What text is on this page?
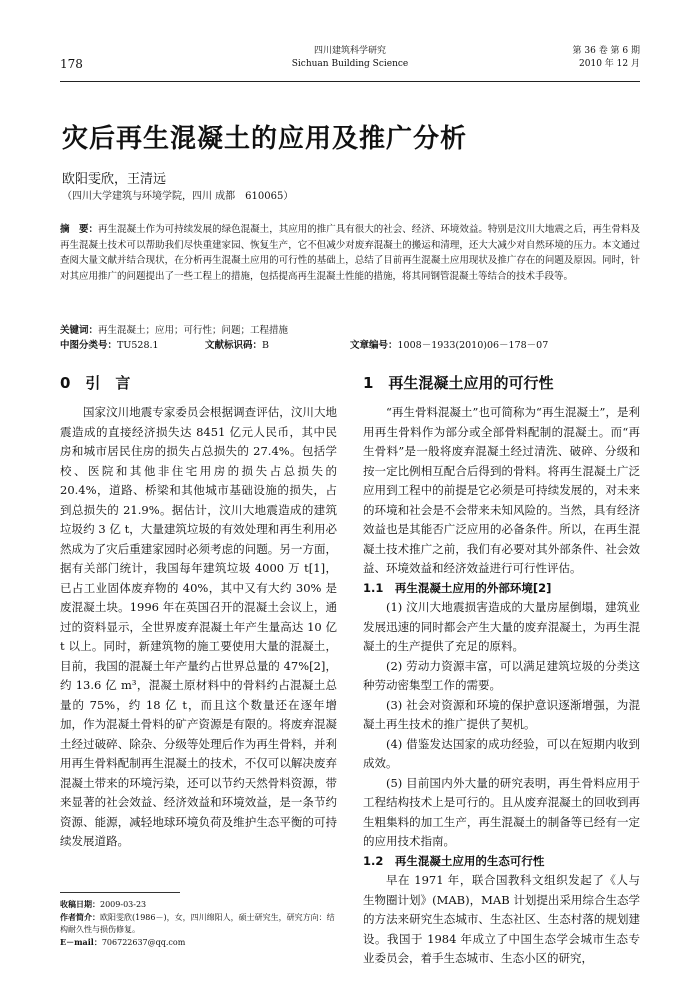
178
四川建筑科学研究
Sichuan Building Science
第 36 卷 第 6 期
2010 年 12 月
灾后再生混凝土的应用及推广分析
欧阳雯欣，王清远
（四川大学建筑与环境学院，四川 成都　610065）
摘　要：再生混凝土作为可持续发展的绿色混凝土，其应用的推广具有很大的社会、经济、环境效益。特别是汶川大地震之后，再生骨料及再生混凝土技术可以帮助我们尽快重建家园、恢复生产，它不但减少对废弃混凝土的搬运和清理，还大大减少对自然环境的压力。本文通过查阅大量文献并结合现状，在分析再生混凝土应用的可行性的基础上，总结了目前再生混凝土应用现状及推广存在的问题及原因。同时，针对其应用推广的问题提出了一些工程上的措施，包括提高再生混凝土性能的措施，将其同钢管混凝土等结合的技术手段等。
关键词：再生混凝土；应用；可行性；问题；工程措施
中图分类号：TU528.1	文献标识码：B	文章编号：1008－1933(2010)06－178－07
0　引　言

国家汶川地震专家委员会根据调查评估，汶川大地震造成的直接经济损失达 8451 亿元人民币，其中民房和城市居民住房的损失占总损失的 27.4%。包括学校、医院和其他非住宅用房的损失占总损失的 20.4%，道路、桥梁和其他城市基础设施的损失，占到总损失的 21.9%。据估计，汶川大地震造成的建筑垃圾约 3 亿 t，大量建筑垃圾的有效处理和再生利用必然成为了灾后重建家园时必须考虑的问题。另一方面，据有关部门统计，我国每年建筑垃圾 4000 万 t[1]，已占工业固体废弃物的 40%，其中又有大约 30% 是废混凝土块。1996 年在英国召开的混凝土会议上，通过的资料显示，全世界废弃混凝土年产生量高达 10 亿 t 以上。同时，新建筑物的施工要使用大量的混凝土，目前，我国的混凝土年产量约占世界总量的 47%[2]，约 13.6 亿 m³，混凝土原材料中的骨料约占混凝土总量的 75%，约 18 亿 t，而且这个数量还在逐年增加，作为混凝土骨料的矿产资源是有限的。将废弃混凝土经过破碎、除杂、分级等处理后作为再生骨料，并利用再生骨料配制再生混凝土的技术，不仅可以解决废弃混凝土带来的环境污染，还可以节约天然骨料资源，带来显著的社会效益、经济效益和环境效益，是一条节约资源、能源，减轻地球环境负荷及维护生态平衡的可持续发展道路。

1　再生混凝土应用的可行性

“再生骨料混凝土”也可简称为“再生混凝土”，是利用再生骨料作为部分或全部骨料配制的混凝土。而“再生骨料”是一般将废弃混凝土经过清洗、破碎、分级和按一定比例相互配合后得到的骨料。将再生混凝土广泛应用到工程中的前提是它必须是可持续发展的，对未来的环境和社会是不会带来未知风险的。当然，具有经济效益也是其能否广泛应用的必备条件。所以，在再生混凝土技术推广之前，我们有必要对其外部条件、社会效益、环境效益和经济效益进行可行性评估。

1.1　再生混凝土应用的外部环境[2]

(1) 汶川大地震损害造成的大量房屋倒塌，建筑业发展迅速的同时都会产生大量的废弃混凝土，为再生混凝土的生产提供了充足的原料。

(2) 劳动力资源丰富，可以满足建筑垃圾的分类这种劳动密集型工作的需要。

(3) 社会对资源和环境的保护意识逐渐增强，为混凝土再生技术的推广提供了契机。

(4) 借鉴发达国家的成功经验，可以在短期内收到成效。

(5) 目前国内外大量的研究表明，再生骨料应用于工程结构技术上是可行的。且从废弃混凝土的回收到再生粗集料的加工生产，再生混凝土的制备等已经有一定的应用技术指南。

1.2　再生混凝土应用的生态可行性

早在 1971 年，联合国教科文组织发起了《人与生物圈计划》(MAB)，MAB 计划提出采用综合生态学的方法来研究生态城市、生态社区、生态村落的规划建设。我国于 1984 年成立了中国生态学会城市生态专业委员会，着手生态城市、生态小区的研究，

收稿日期：2009-03-23
作者简介：欧阳雯欣(1986－)，女，四川绵阳人，硕士研究生，研究方向：结构耐久性与损伤修复。
E－mail：706722637@qq.com
